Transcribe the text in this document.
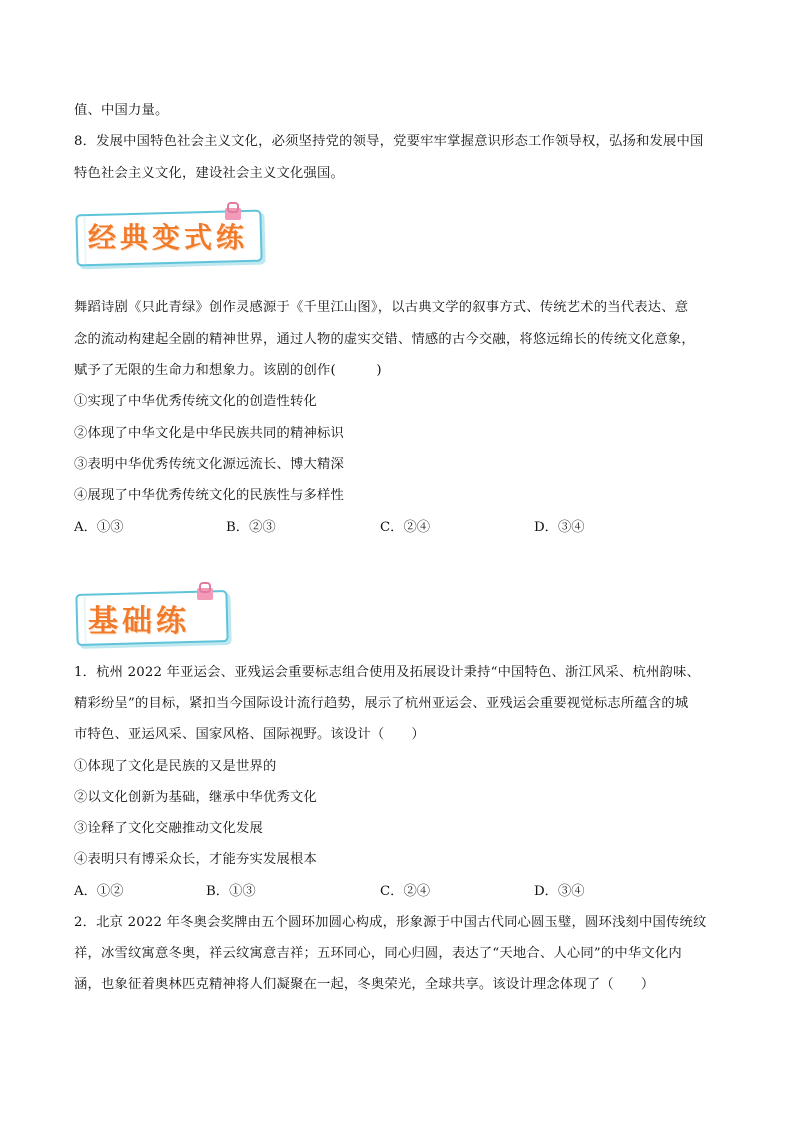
值、中国力量。
8．发展中国特色社会主义文化，必须坚持党的领导，党要牢牢掌握意识形态工作领导权，弘扬和发展中国
特色社会主义文化，建设社会主义文化强国。
经典变式练
舞蹈诗剧《只此青绿》创作灵感源于《千里江山图》，以古典文学的叙事方式、传统艺术的当代表达、意
念的流动构建起全剧的精神世界，通过人物的虚实交错、情感的古今交融，将悠远绵长的传统文化意象，
赋予了无限的生命力和想象力。该剧的创作(　　　)
①实现了中华优秀传统文化的创造性转化
②体现了中华文化是中华民族共同的精神标识
③表明中华优秀传统文化源远流长、博大精深
④展现了中华优秀传统文化的民族性与多样性
A．①③	B．②③	C．②④	D．③④
基础练
1．杭州 2022 年亚运会、亚残运会重要标志组合使用及拓展设计秉持“中国特色、浙江风采、杭州韵味、
精彩纷呈”的目标，紧扣当今国际设计流行趋势，展示了杭州亚运会、亚残运会重要视觉标志所蕴含的城
市特色、亚运风采、国家风格、国际视野。该设计（　　）
①体现了文化是民族的又是世界的
②以文化创新为基础，继承中华优秀文化
③诠释了文化交融推动文化发展
④表明只有博采众长，才能夯实发展根本
A．①②	B．①③	C．②④	D．③④
2．北京 2022 年冬奥会奖牌由五个圆环加圆心构成，形象源于中国古代同心圆玉璧，圆环浅刻中国传统纹
祥，冰雪纹寓意冬奥，祥云纹寓意吉祥；五环同心，同心归圆，表达了“天地合、人心同”的中华文化内
涵，也象征着奥林匹克精神将人们凝聚在一起，冬奥荣光，全球共享。该设计理念体现了（　　）
